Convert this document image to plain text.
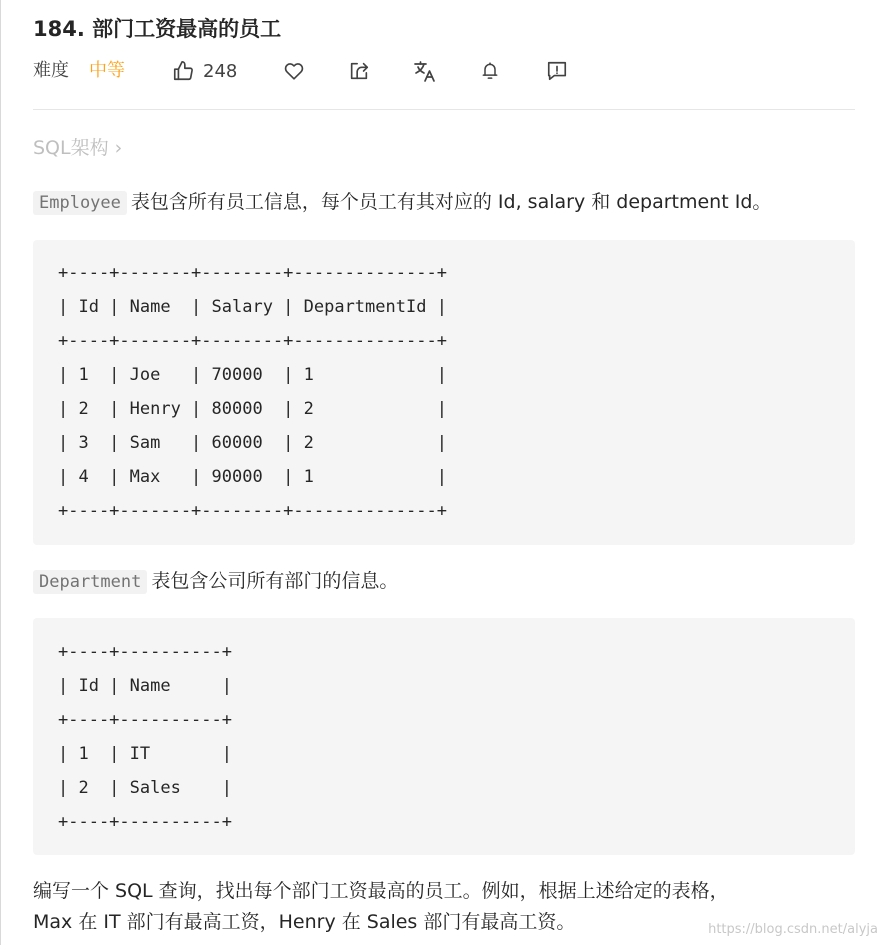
184. 部门工资最高的员工
难度 中等	248
SQL架构 ›
Employee 表包含所有员工信息，每个员工有其对应的 Id, salary 和 department Id。
+----+-------+--------+--------------+
| Id | Name  | Salary | DepartmentId |
+----+-------+--------+--------------+
| 1  | Joe   | 70000  | 1            |
| 2  | Henry | 80000  | 2            |
| 3  | Sam   | 60000  | 2            |
| 4  | Max   | 90000  | 1            |
+----+-------+--------+--------------+
Department 表包含公司所有部门的信息。
+----+----------+
| Id | Name     |
+----+----------+
| 1  | IT       |
| 2  | Sales    |
+----+----------+
编写一个 SQL 查询，找出每个部门工资最高的员工。例如，根据上述给定的表格，
Max 在 IT 部门有最高工资，Henry 在 Sales 部门有最高工资。	https://blog.csdn.net/alyja
